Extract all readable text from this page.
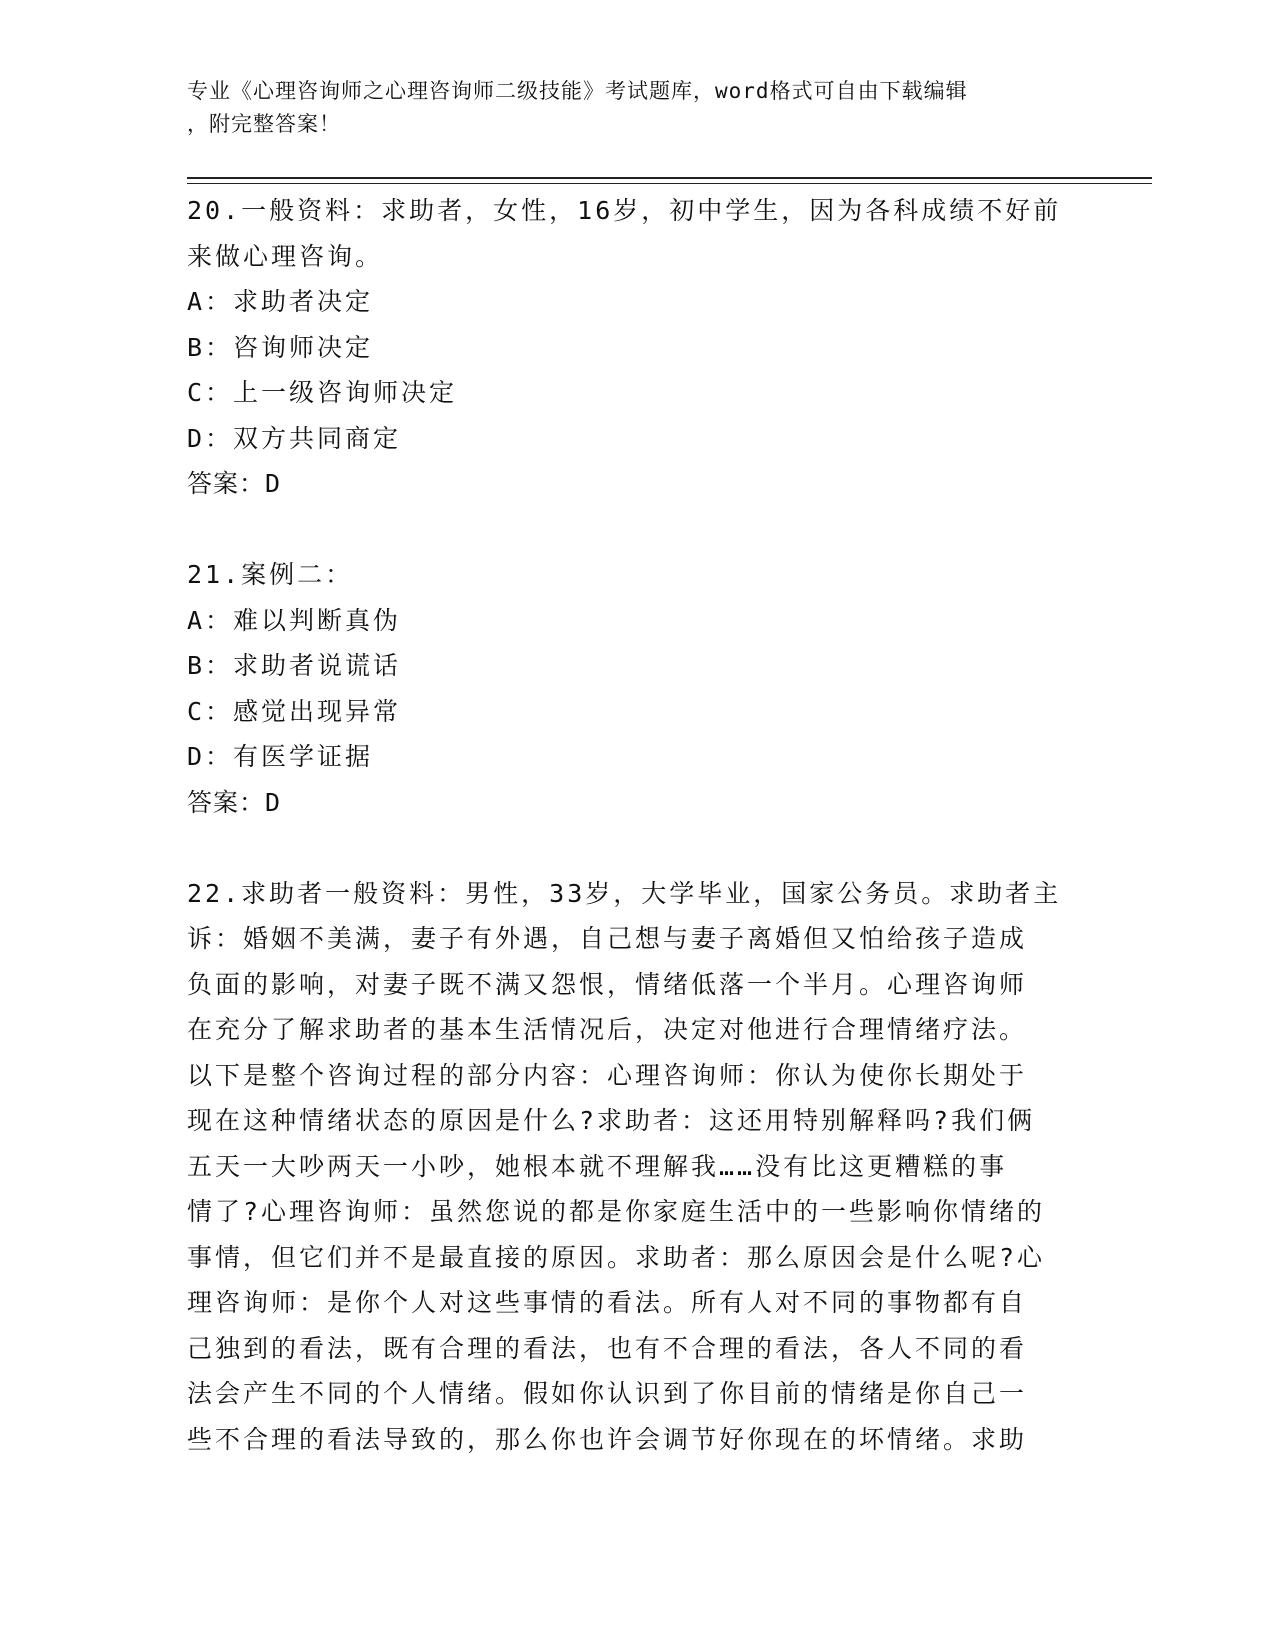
专业《心理咨询师之心理咨询师二级技能》考试题库，word格式可自由下载编辑
，附完整答案！
20.一般资料：求助者，女性，16岁，初中学生，因为各科成绩不好前
来做心理咨询。
A：求助者决定
B：咨询师决定
C：上一级咨询师决定
D：双方共同商定
答案：D
21.案例二：
A：难以判断真伪
B：求助者说谎话
C：感觉出现异常
D：有医学证据
答案：D
22.求助者一般资料：男性，33岁，大学毕业，国家公务员。求助者主
诉：婚姻不美满，妻子有外遇，自己想与妻子离婚但又怕给孩子造成
负面的影响，对妻子既不满又怨恨，情绪低落一个半月。心理咨询师
在充分了解求助者的基本生活情况后，决定对他进行合理情绪疗法。
以下是整个咨询过程的部分内容：心理咨询师：你认为使你长期处于
现在这种情绪状态的原因是什么?求助者：这还用特别解释吗?我们俩
五天一大吵两天一小吵，她根本就不理解我……没有比这更糟糕的事
情了?心理咨询师：虽然您说的都是你家庭生活中的一些影响你情绪的
事情，但它们并不是最直接的原因。求助者：那么原因会是什么呢?心
理咨询师：是你个人对这些事情的看法。所有人对不同的事物都有自
己独到的看法，既有合理的看法，也有不合理的看法，各人不同的看
法会产生不同的个人情绪。假如你认识到了你目前的情绪是你自己一
些不合理的看法导致的，那么你也许会调节好你现在的坏情绪。求助
